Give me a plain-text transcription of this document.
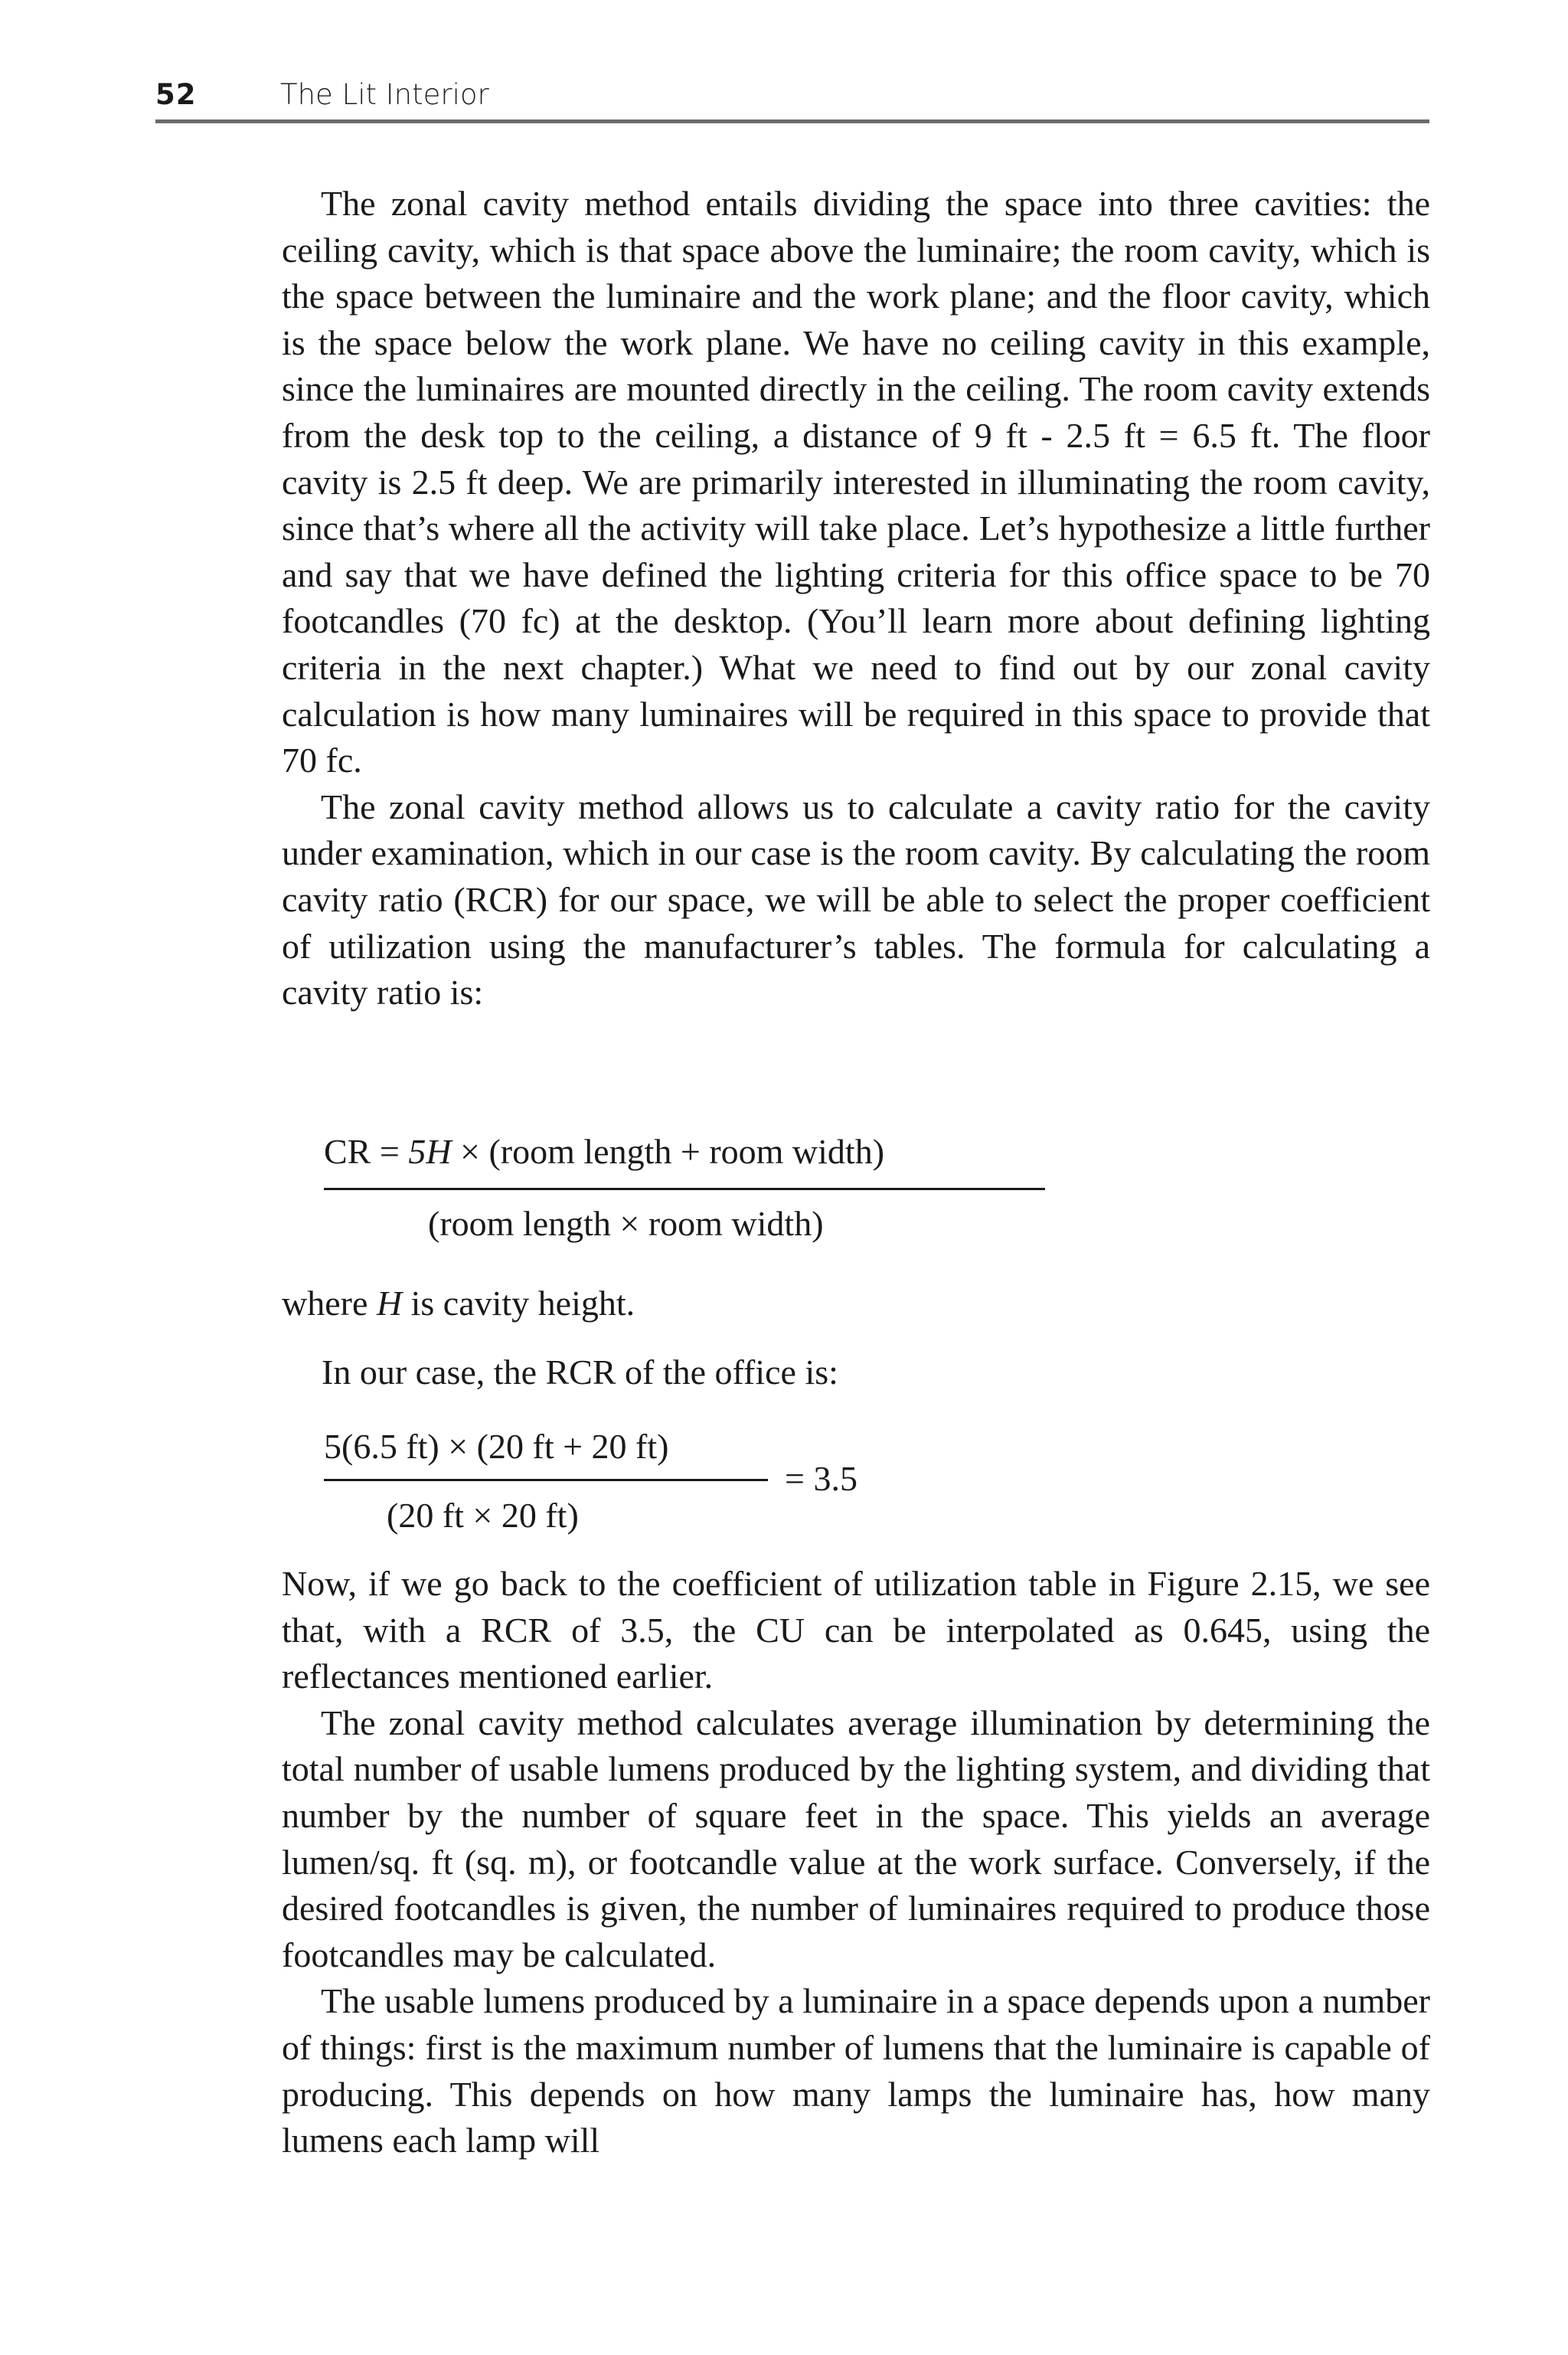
52	The Lit Interior

The zonal cavity method entails dividing the space into three cavities: the ceiling cavity, which is that space above the luminaire; the room cavity, which is the space between the luminaire and the work plane; and the floor cavity, which is the space below the work plane. We have no ceiling cavity in this example, since the luminaires are mounted directly in the ceiling. The room cavity extends from the desk top to the ceiling, a distance of 9 ft - 2.5 ft = 6.5 ft. The floor cavity is 2.5 ft deep. We are primarily interested in illuminating the room cavity, since that’s where all the activity will take place. Let’s hypothesize a little further and say that we have defined the lighting criteria for this office space to be 70 footcandles (70 fc) at the desktop. (You’ll learn more about defining lighting criteria in the next chapter.) What we need to find out by our zonal cavity calculation is how many luminaires will be required in this space to provide that 70 fc.

The zonal cavity method allows us to calculate a cavity ratio for the cavity under examination, which in our case is the room cavity. By calculating the room cavity ratio (RCR) for our space, we will be able to select the proper coefficient of utilization using the manufacturer’s tables. The formula for calculating a cavity ratio is:

CR = 5H × (room length + room width)
(room length × room width)
where H is cavity height.
In our case, the RCR of the office is:
5(6.5 ft) × (20 ft + 20 ft)
(20 ft × 20 ft)
= 3.5

Now, if we go back to the coefficient of utilization table in Figure 2.15, we see that, with a RCR of 3.5, the CU can be interpolated as 0.645, using the reflectances mentioned earlier.

The zonal cavity method calculates average illumination by determining the total number of usable lumens produced by the lighting system, and dividing that number by the number of square feet in the space. This yields an average lumen/sq. ft (sq. m), or footcandle value at the work surface. Conversely, if the desired footcandles is given, the number of luminaires required to produce those footcandles may be calculated.

The usable lumens produced by a luminaire in a space depends upon a number of things: first is the maximum number of lumens that the luminaire is capable of producing. This depends on how many lamps the luminaire has, how many lumens each lamp will
